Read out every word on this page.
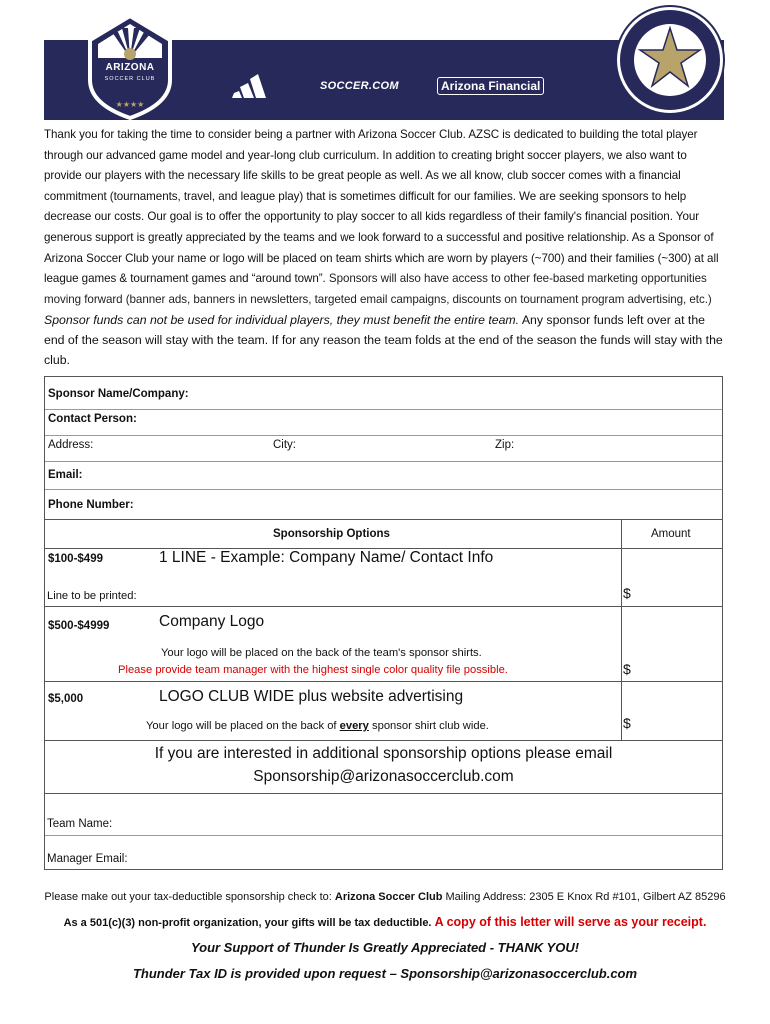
★★★★
ARIZONA
SOCCER CLUB
SOCCER.COM	Arizona Financial

Thank you for taking the time to consider being a partner with Arizona Soccer Club. AZSC is dedicated to building the total player through our advanced game model and year-long club curriculum. In addition to creating bright soccer players, we also want to provide our players with the necessary life skills to be great people as well. As we all know, club soccer comes with a financial commitment (tournaments, travel, and league play) that is sometimes difficult for our families. We are seeking sponsors to help decrease our costs. Our goal is to offer the opportunity to play soccer to all kids regardless of their family's financial position. Your generous support is greatly appreciated by the teams and we look forward to a successful and positive relationship. As a Sponsor of Arizona Soccer Club your name or logo will be placed on team shirts which are worn by players (~700) and their families (~300) at all league games & tournament games and “around town”. Sponsors will also have access to other fee-based marketing opportunities moving forward (banner ads, banners in newsletters, targeted email campaigns, discounts on tournament program advertising, etc.)

Sponsor funds can not be used for individual players, they must benefit the entire team. Any sponsor funds left over at the end of the season will stay with the team. If for any reason the team folds at the end of the season the funds will stay with the club.
Sponsor Name/Company:
Contact Person:
Address:	City:	Zip:
Email:
Phone Number:
Sponsorship Options	Amount
$100-$499	1 LINE - Example: Company Name/ Contact Info
Line to be printed:	$
$500-$4999	Company Logo
Your logo will be placed on the back of the team's sponsor shirts.
Please provide team manager with the highest single color quality file possible.	$
$5,000	LOGO CLUB WIDE plus website advertising
Your logo will be placed on the back of every sponsor shirt club wide.	$
If you are interested in additional sponsorship options please email
Sponsorship@arizonasoccerclub.com
Team Name:
Manager Email:
Please make out your tax-deductible sponsorship check to: Arizona Soccer Club Mailing Address: 2305 E Knox Rd #101, Gilbert AZ 85296
As a 501(c)(3) non-profit organization, your gifts will be tax deductible. A copy of this letter will serve as your receipt.
Your Support of Thunder Is Greatly Appreciated - THANK YOU!
Thunder Tax ID is provided upon request – Sponsorship@arizonasoccerclub.com
